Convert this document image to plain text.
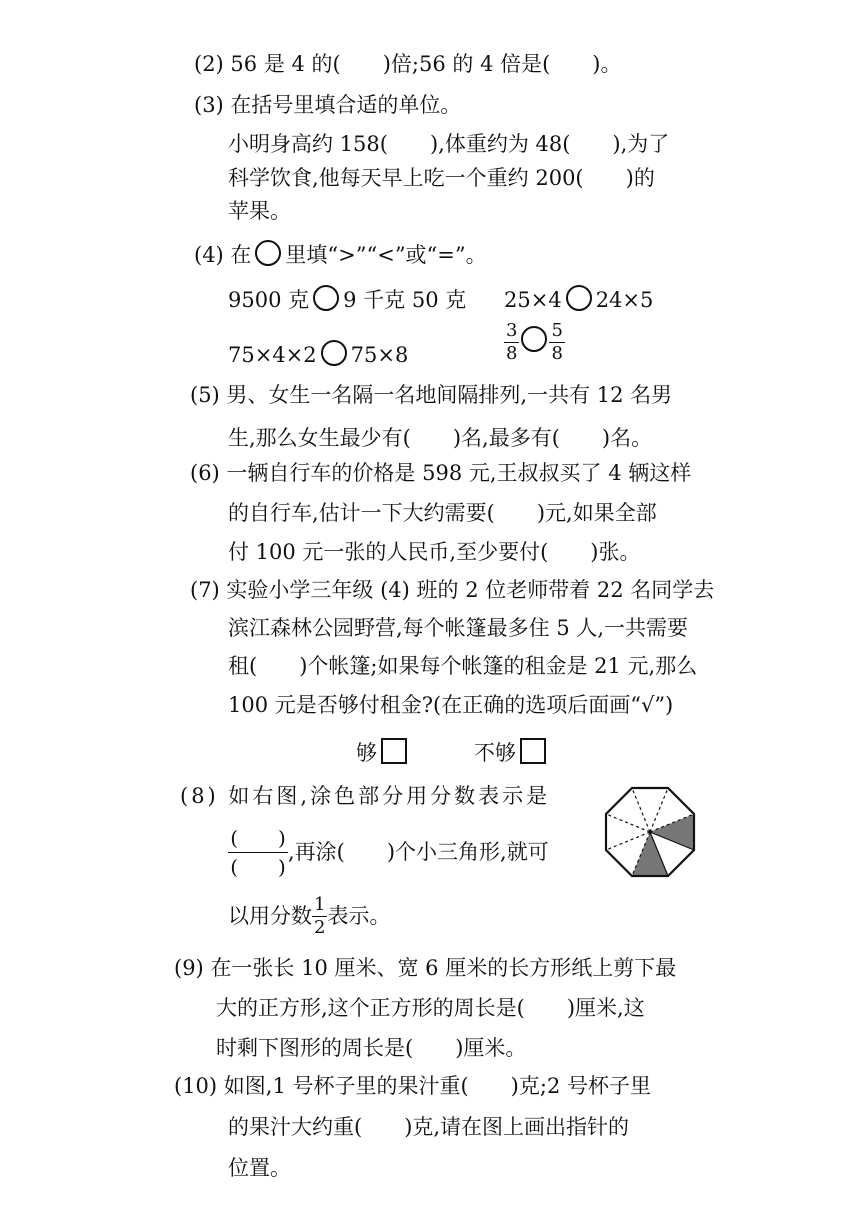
(2) 56 是 4 的(　　)倍;56 的 4 倍是(　　)。
(3) 在括号里填合适的单位。
小明身高约 158(　　),体重约为 48(　　),为了
科学饮食,他每天早上吃一个重约 200(　　)的
苹果。
(4) 在 里填“>”“<”或“=”。
9500 克 9 千克 50 克 25×4 24×5
75×4×2 75×8	$\frac{3}{8} \frac{5}{8}$
(5) 男、女生一名隔一名地间隔排列,一共有 12 名男
生,那么女生最少有(　　)名,最多有(　　)名。
(6) 一辆自行车的价格是 598 元,王叔叔买了 4 辆这样
的自行车,估计一下大约需要(　　)元,如果全部
付 100 元一张的人民币,至少要付(　　)张。
(7) 实验小学三年级 (4) 班的 2 位老师带着 22 名同学去
滨江森林公园野营,每个帐篷最多住 5 人,一共需要
租(　　)个帐篷;如果每个帐篷的租金是 21 元,那么
100 元是否够付租金?(在正确的选项后面画“√”)
够	不够
(8) 如右图,涂色部分用分数表示是
$\frac{( )}{( )}$,再涂(　　)个小三角形,就可
以用分数 $\frac{1}{2}$ 表示。
(9) 在一张长 10 厘米、宽 6 厘米的长方形纸上剪下最
大的正方形,这个正方形的周长是(　　)厘米,这
时剩下图形的周长是(　　)厘米。
(10) 如图,1 号杯子里的果汁重(　　)克;2 号杯子里
的果汁大约重(　　)克,请在图上画出指针的
位置。
